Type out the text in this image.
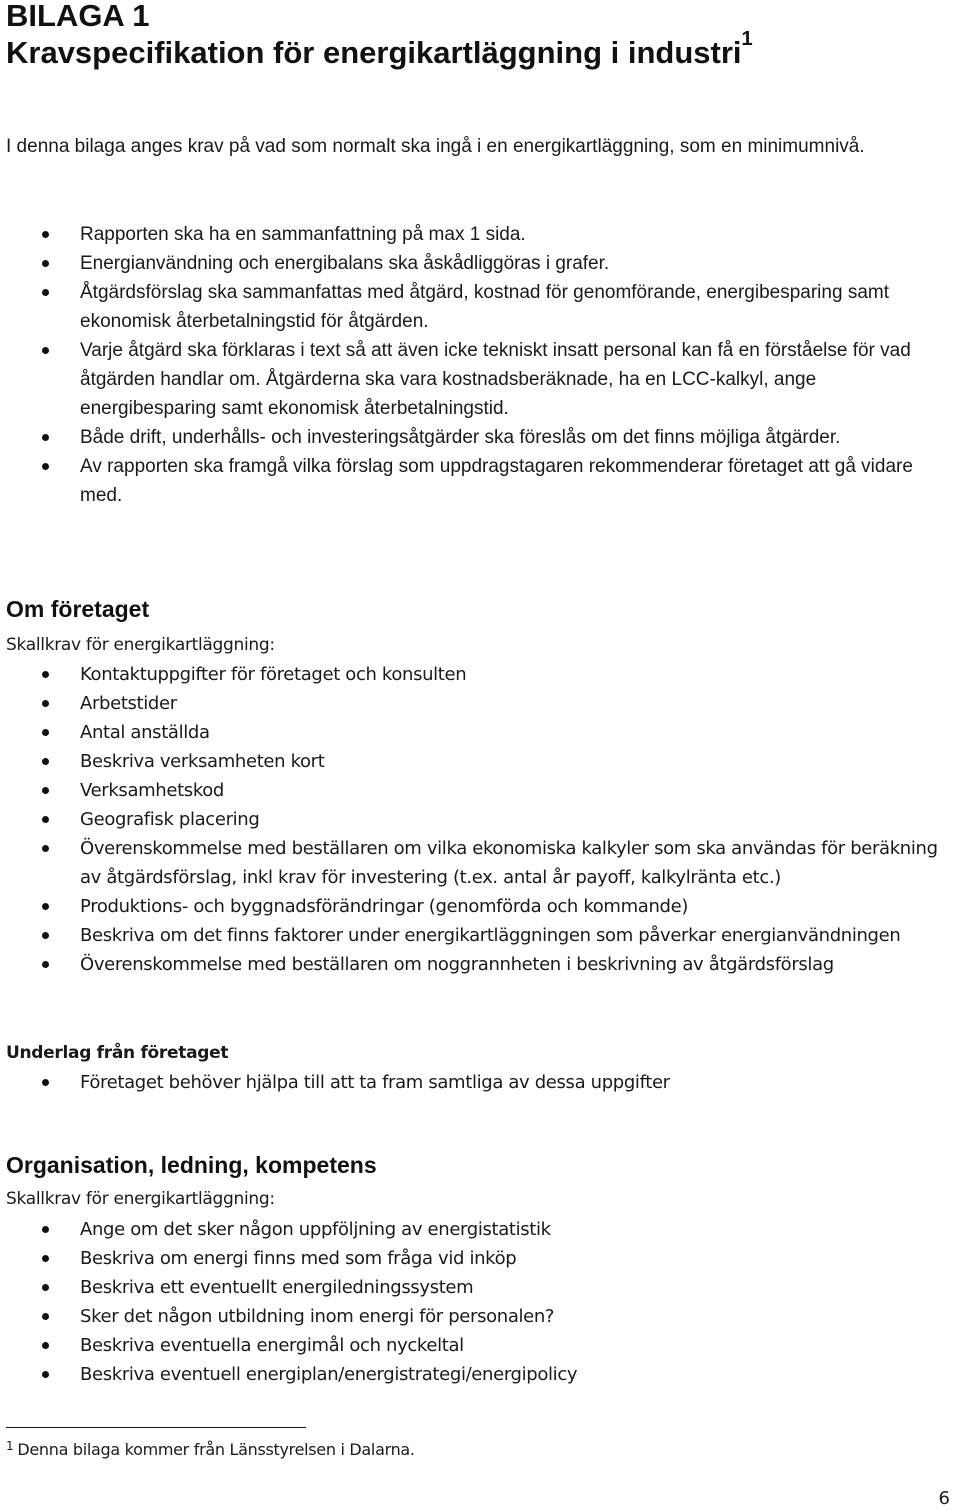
BILAGA 1
Kravspecifikation för energikartläggning i industri$^1$

I denna bilaga anges krav på vad som normalt ska ingå i en energikartläggning, som en minimumnivå.

Rapporten ska ha en sammanfattning på max 1 sida.
Energianvändning och energibalans ska åskådliggöras i grafer.
Åtgärdsförslag ska sammanfattas med åtgärd, kostnad för genomförande, energibesparing samt ekonomisk återbetalningstid för åtgärden.
Varje åtgärd ska förklaras i text så att även icke tekniskt insatt personal kan få en förståelse för vad åtgärden handlar om. Åtgärderna ska vara kostnadsberäknade, ha en LCC-kalkyl, ange energibesparing samt ekonomisk återbetalningstid.
Både drift, underhålls- och investeringsåtgärder ska föreslås om det finns möjliga åtgärder.
Av rapporten ska framgå vilka förslag som uppdragstagaren rekommenderar företaget att gå vidare med.
Om företaget

Skallkrav för energikartläggning:

Kontaktuppgifter för företaget och konsulten
Arbetstider
Antal anställda
Beskriva verksamheten kort
Verksamhetskod
Geografisk placering
Överenskommelse med beställaren om vilka ekonomiska kalkyler som ska användas för beräkning av åtgärdsförslag, inkl krav för investering (t.ex. antal år payoff, kalkylränta etc.)
Produktions- och byggnadsförändringar (genomförda och kommande)
Beskriva om det finns faktorer under energikartläggningen som påverkar energianvändningen
Överenskommelse med beställaren om noggrannheten i beskrivning av åtgärdsförslag

Underlag från företaget

Företaget behöver hjälpa till att ta fram samtliga av dessa uppgifter
Organisation, ledning, kompetens

Skallkrav för energikartläggning:

Ange om det sker någon uppföljning av energistatistik
Beskriva om energi finns med som fråga vid inköp
Beskriva ett eventuellt energiledningssystem
Sker det någon utbildning inom energi för personalen?
Beskriva eventuella energimål och nyckeltal
Beskriva eventuell energiplan/energistrategi/energipolicy

$^1$ Denna bilaga kommer från Länsstyrelsen i Dalarna.

6
